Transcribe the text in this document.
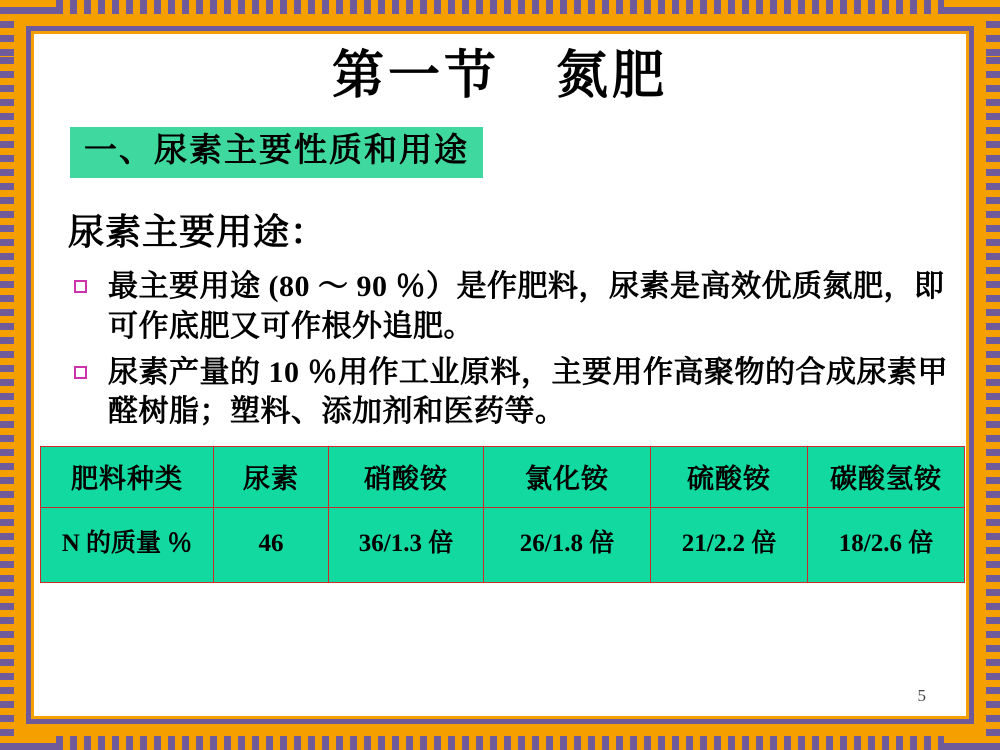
第一节　氮肥
一、尿素主要性质和用途
尿素主要用途：
最主要用途 (80 ～ 90 ％）是作肥料，尿素是高效优质氮肥，即可作底肥又可作根外追肥。
尿素产量的 10 ％用作工业原料，主要用作高聚物的合成尿素甲醛树脂；塑料、添加剂和医药等。
肥料种类	尿素	硝酸铵	氯化铵	硫酸铵	碳酸氢铵
N 的质量 ％	46	36/1.3 倍	26/1.8 倍	21/2.2 倍	18/2.6 倍
5
